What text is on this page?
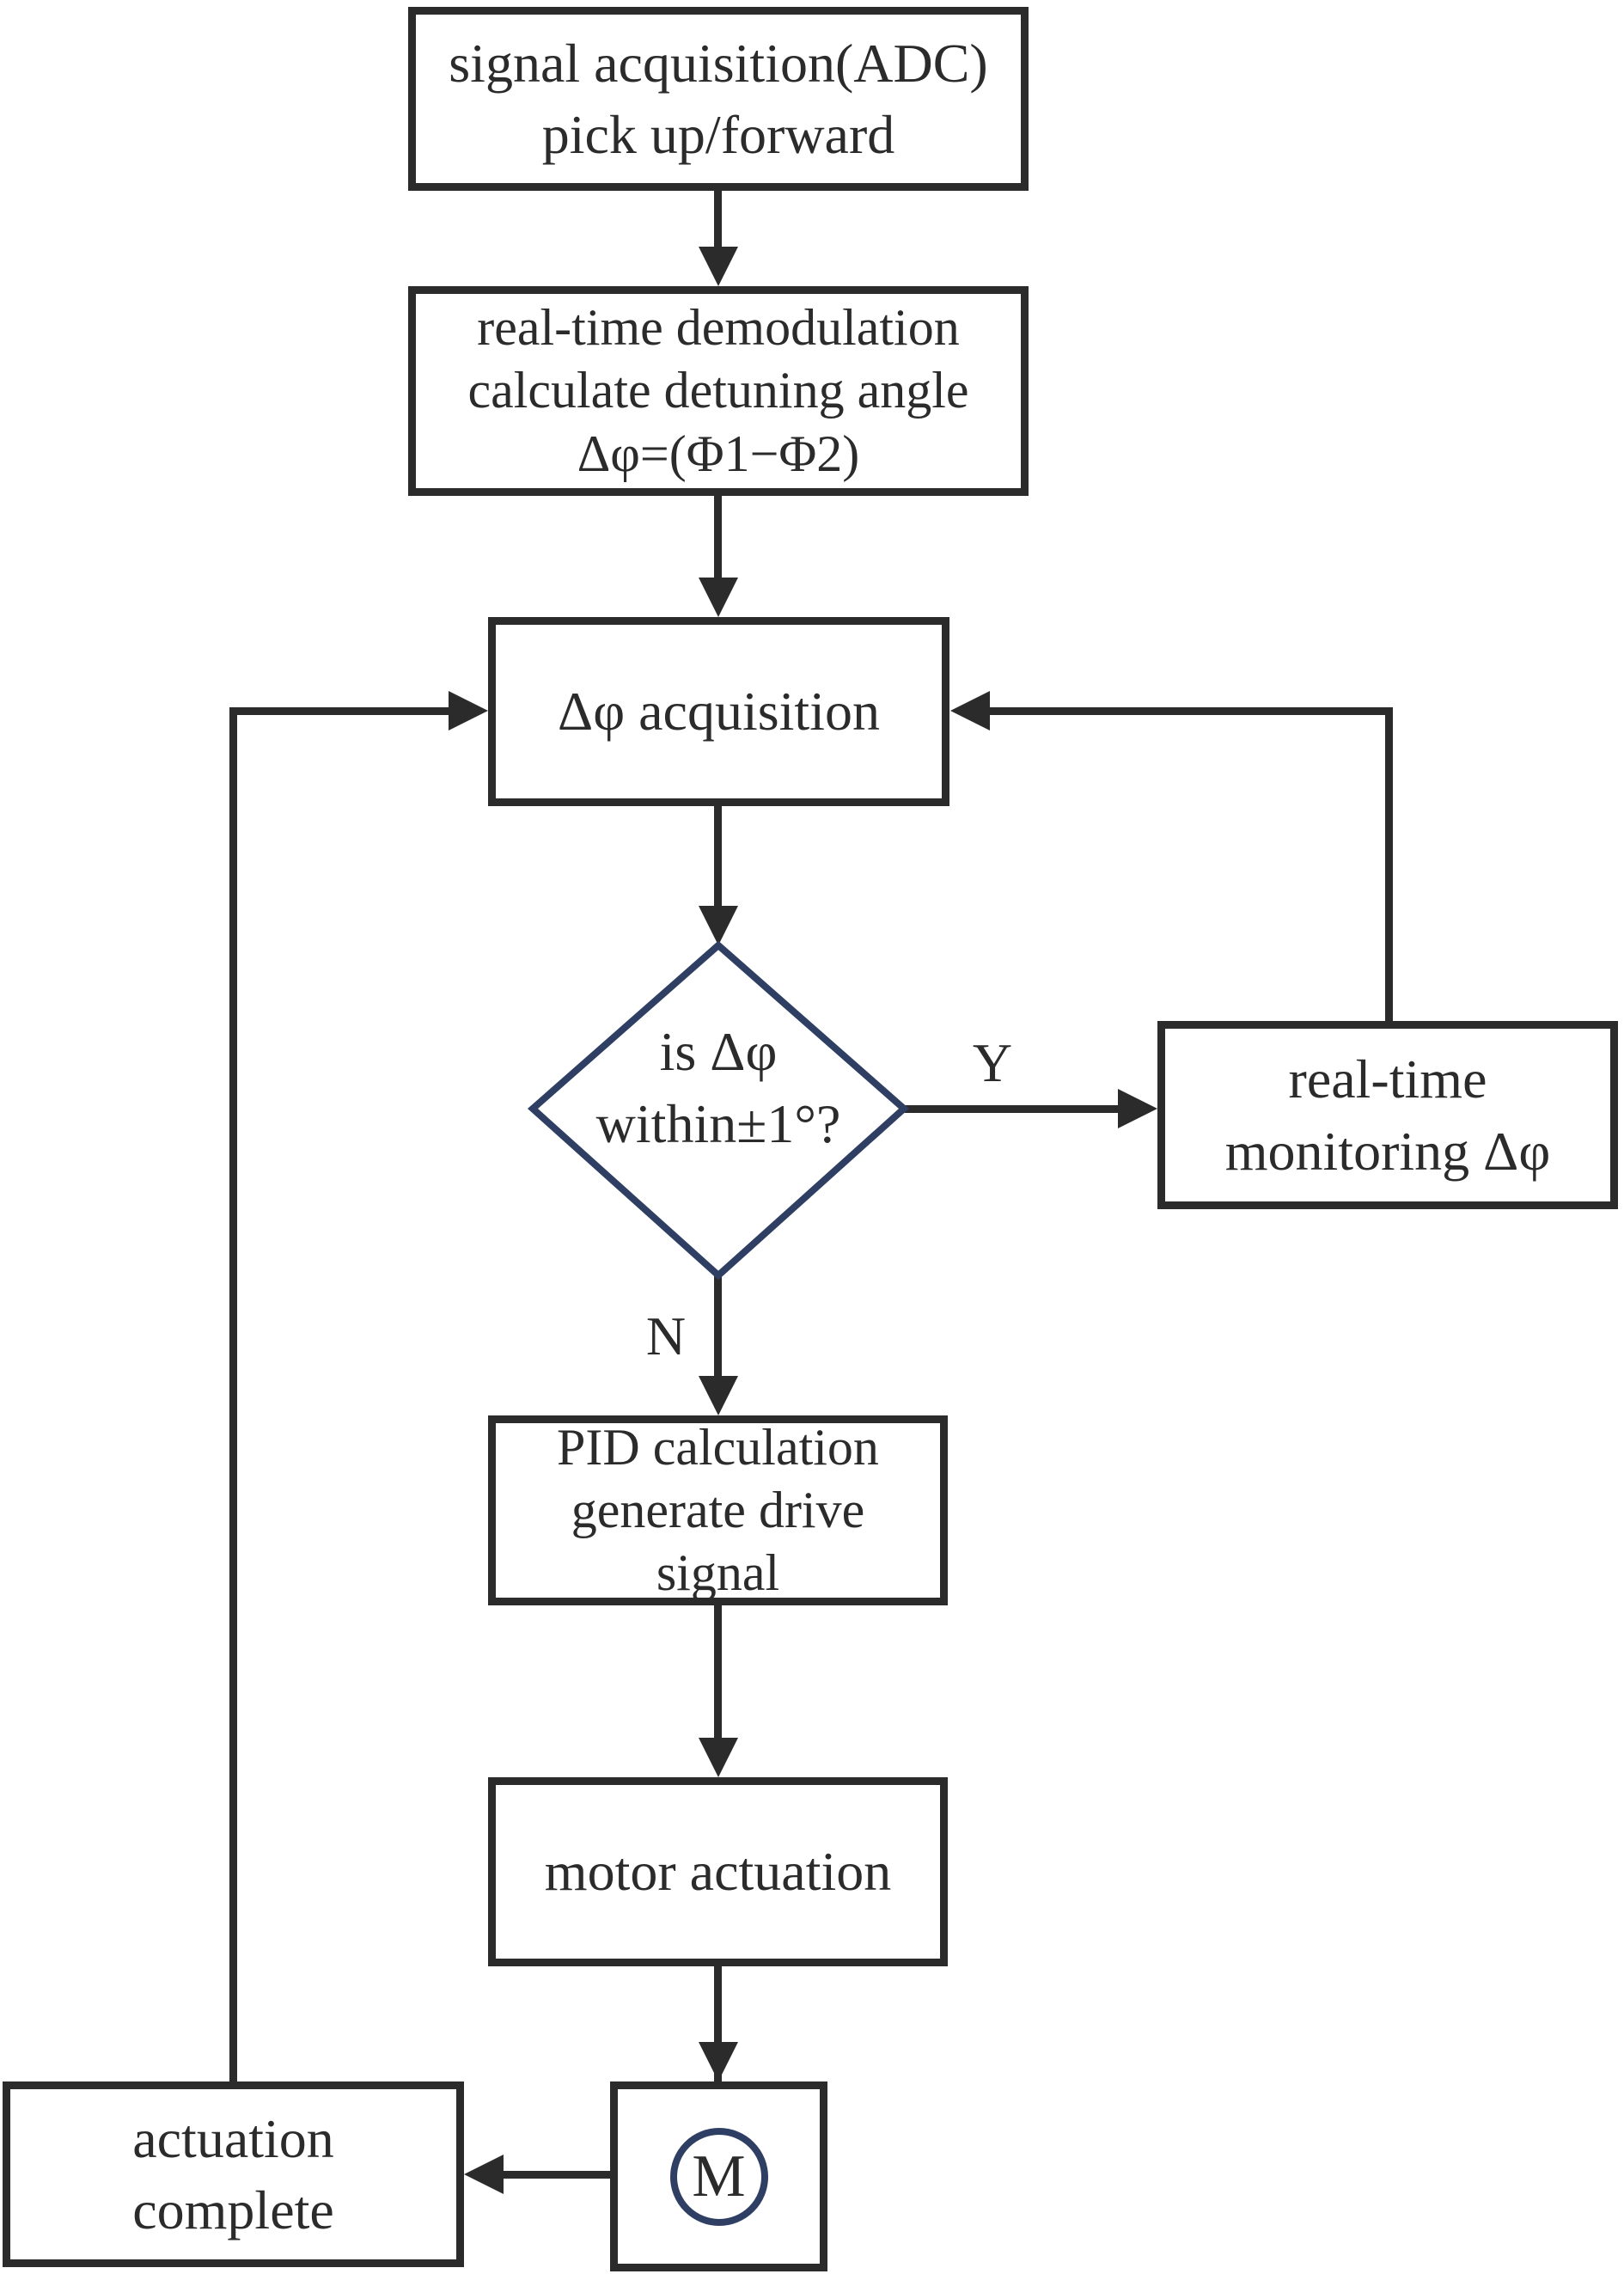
signal acquisition(ADC)
pick up/forward
real-time demodulation
calculate detuning angle
Δφ=(Φ1−Φ2)
Δφ acquisition
is Δφ within±1°?
real-time
monitoring Δφ
PID calculation
generate drive
signal
motor actuation
M
actuation
complete
Y
N
